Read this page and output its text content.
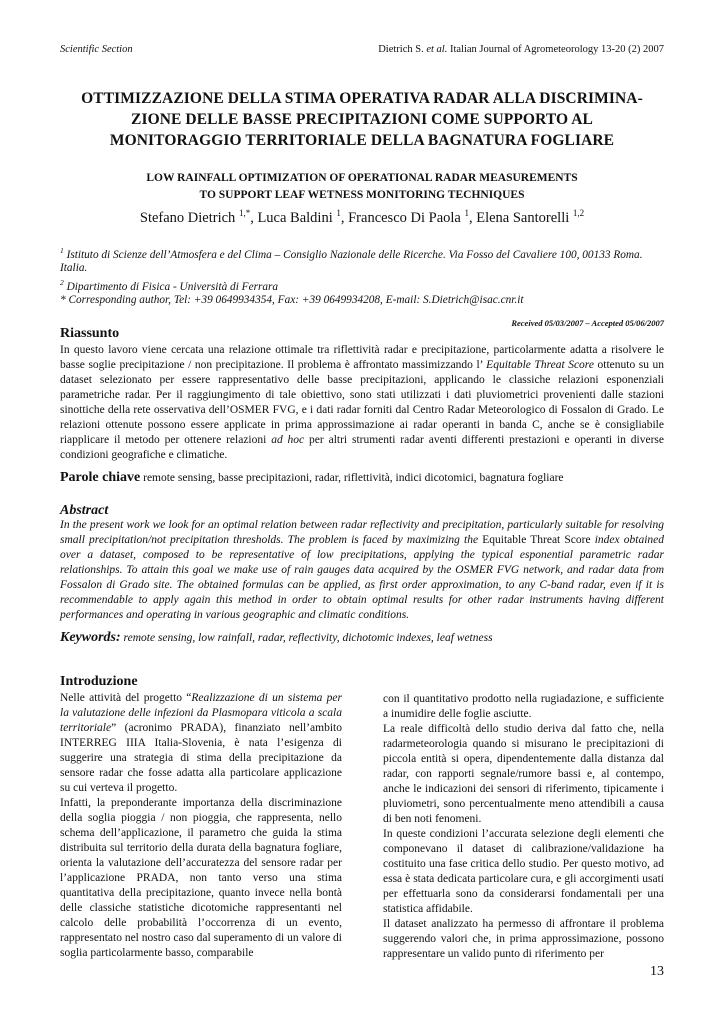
Scientific Section	Dietrich S. et al. Italian Journal of Agrometeorology 13-20 (2) 2007
OTTIMIZZAZIONE DELLA STIMA OPERATIVA RADAR ALLA DISCRIMINA-
ZIONE DELLE BASSE PRECIPITAZIONI COME SUPPORTO AL
MONITORAGGIO TERRITORIALE DELLA BAGNATURA FOGLIARE
LOW RAINFALL OPTIMIZATION OF OPERATIONAL RADAR MEASUREMENTS
TO SUPPORT LEAF WETNESS MONITORING TECHNIQUES
Stefano Dietrich $^{1,*}$, Luca Baldini $^1$, Francesco Di Paola $^1$, Elena Santorelli $^{1,2}$
$^1$ Istituto di Scienze dell’Atmosfera e del Clima – Consiglio Nazionale delle Ricerche. Via Fosso del Cavaliere 100, 00133 Roma. Italia.
$^2$ Dipartimento di Fisica - Università di Ferrara
* Corresponding author, Tel: +39 0649934354, Fax: +39 0649934208, E-mail: S.Dietrich@isac.cnr.it
Received 05/03/2007 – Accepted 05/06/2007
Riassunto
In questo lavoro viene cercata una relazione ottimale tra riflettività radar e precipitazione, particolarmente adatta a risolvere le basse soglie precipitazione / non precipitazione. Il problema è affrontato massimizzando l’ Equitable Threat Score ottenuto su un dataset selezionato per essere rappresentativo delle basse precipitazioni, applicando le classiche relazioni esponenziali parametriche radar. Per il raggiungimento di tale obiettivo, sono stati utilizzati i dati pluviometrici provenienti dalle stazioni sinottiche della rete osservativa dell’OSMER FVG, e i dati radar forniti dal Centro Radar Meteorologico di Fossalon di Grado. Le relazioni ottenute possono essere applicate in prima approssimazione ai radar operanti in banda C, anche se è consigliabile riapplicare il metodo per ottenere relazioni ad hoc per altri strumenti radar aventi differenti prestazioni e operanti in diverse condizioni geografiche e climatiche.
Parole chiave remote sensing, basse precipitazioni, radar, riflettività, indici dicotomici, bagnatura fogliare
Abstract
In the present work we look for an optimal relation between radar reflectivity and precipitation, particularly suitable for resolving small precipitation/not precipitation thresholds. The problem is faced by maximizing the Equitable Threat Score index obtained over a dataset, composed to be representative of low precipitations, applying the typical esponential parametric radar relationships. To attain this goal we make use of rain gauges data acquired by the OSMER FVG network, and radar data from Fossalon di Grado site. The obtained formulas can be applied, as first order approximation, to any C-band radar, even if it is recommendable to apply again this method in order to obtain optimal results for other radar instruments having different performances and operating in various geographic and climatic conditions.
Keywords: remote sensing, low rainfall, radar, reflectivity, dichotomic indexes, leaf wetness
Introduzione

Nelle attività del progetto “Realizzazione di un sistema per la valutazione delle infezioni da Plasmopara viticola a scala territoriale” (acronimo PRADA), finanziato nell’ambito INTERREG IIIA Italia-Slovenia, è nata l’esigenza di suggerire una strategia di stima della precipitazione da sensore radar che fosse adatta alla particolare applicazione su cui verteva il progetto.

Infatti, la preponderante importanza della discriminazione della soglia pioggia / non pioggia, che rappresenta, nello schema dell’applicazione, il parametro che guida la stima distribuita sul territorio della durata della bagnatura fogliare, orienta la valutazione dell’accuratezza del sensore radar per l’applicazione PRADA, non tanto verso una stima quantitativa della precipitazione, quanto invece nella bontà delle classiche statistiche dicotomiche rappresentanti nel calcolo delle probabilità l’occorrenza di un evento, rappresentato nel nostro caso dal superamento di un valore di soglia particolarmente basso, comparabile

con il quantitativo prodotto nella rugiadazione, e sufficiente a inumidire delle foglie asciutte.

La reale difficoltà dello studio deriva dal fatto che, nella radarmeteorologia quando si misurano le precipitazioni di piccola entità si opera, dipendentemente dalla distanza dal radar, con rapporti segnale/rumore bassi e, al contempo, anche le indicazioni dei sensori di riferimento, tipicamente i pluviometri, sono percentualmente meno attendibili a causa di ben noti fenomeni.

In queste condizioni l’accurata selezione degli elementi che componevano il dataset di calibrazione/validazione ha costituito una fase critica dello studio. Per questo motivo, ad essa è stata dedicata particolare cura, e gli accorgimenti usati per effettuarla sono da considerarsi fondamentali per una statistica affidabile.

Il dataset analizzato ha permesso di affrontare il problema suggerendo valori che, in prima approssimazione, possono rappresentare un valido punto di riferimento per

13
